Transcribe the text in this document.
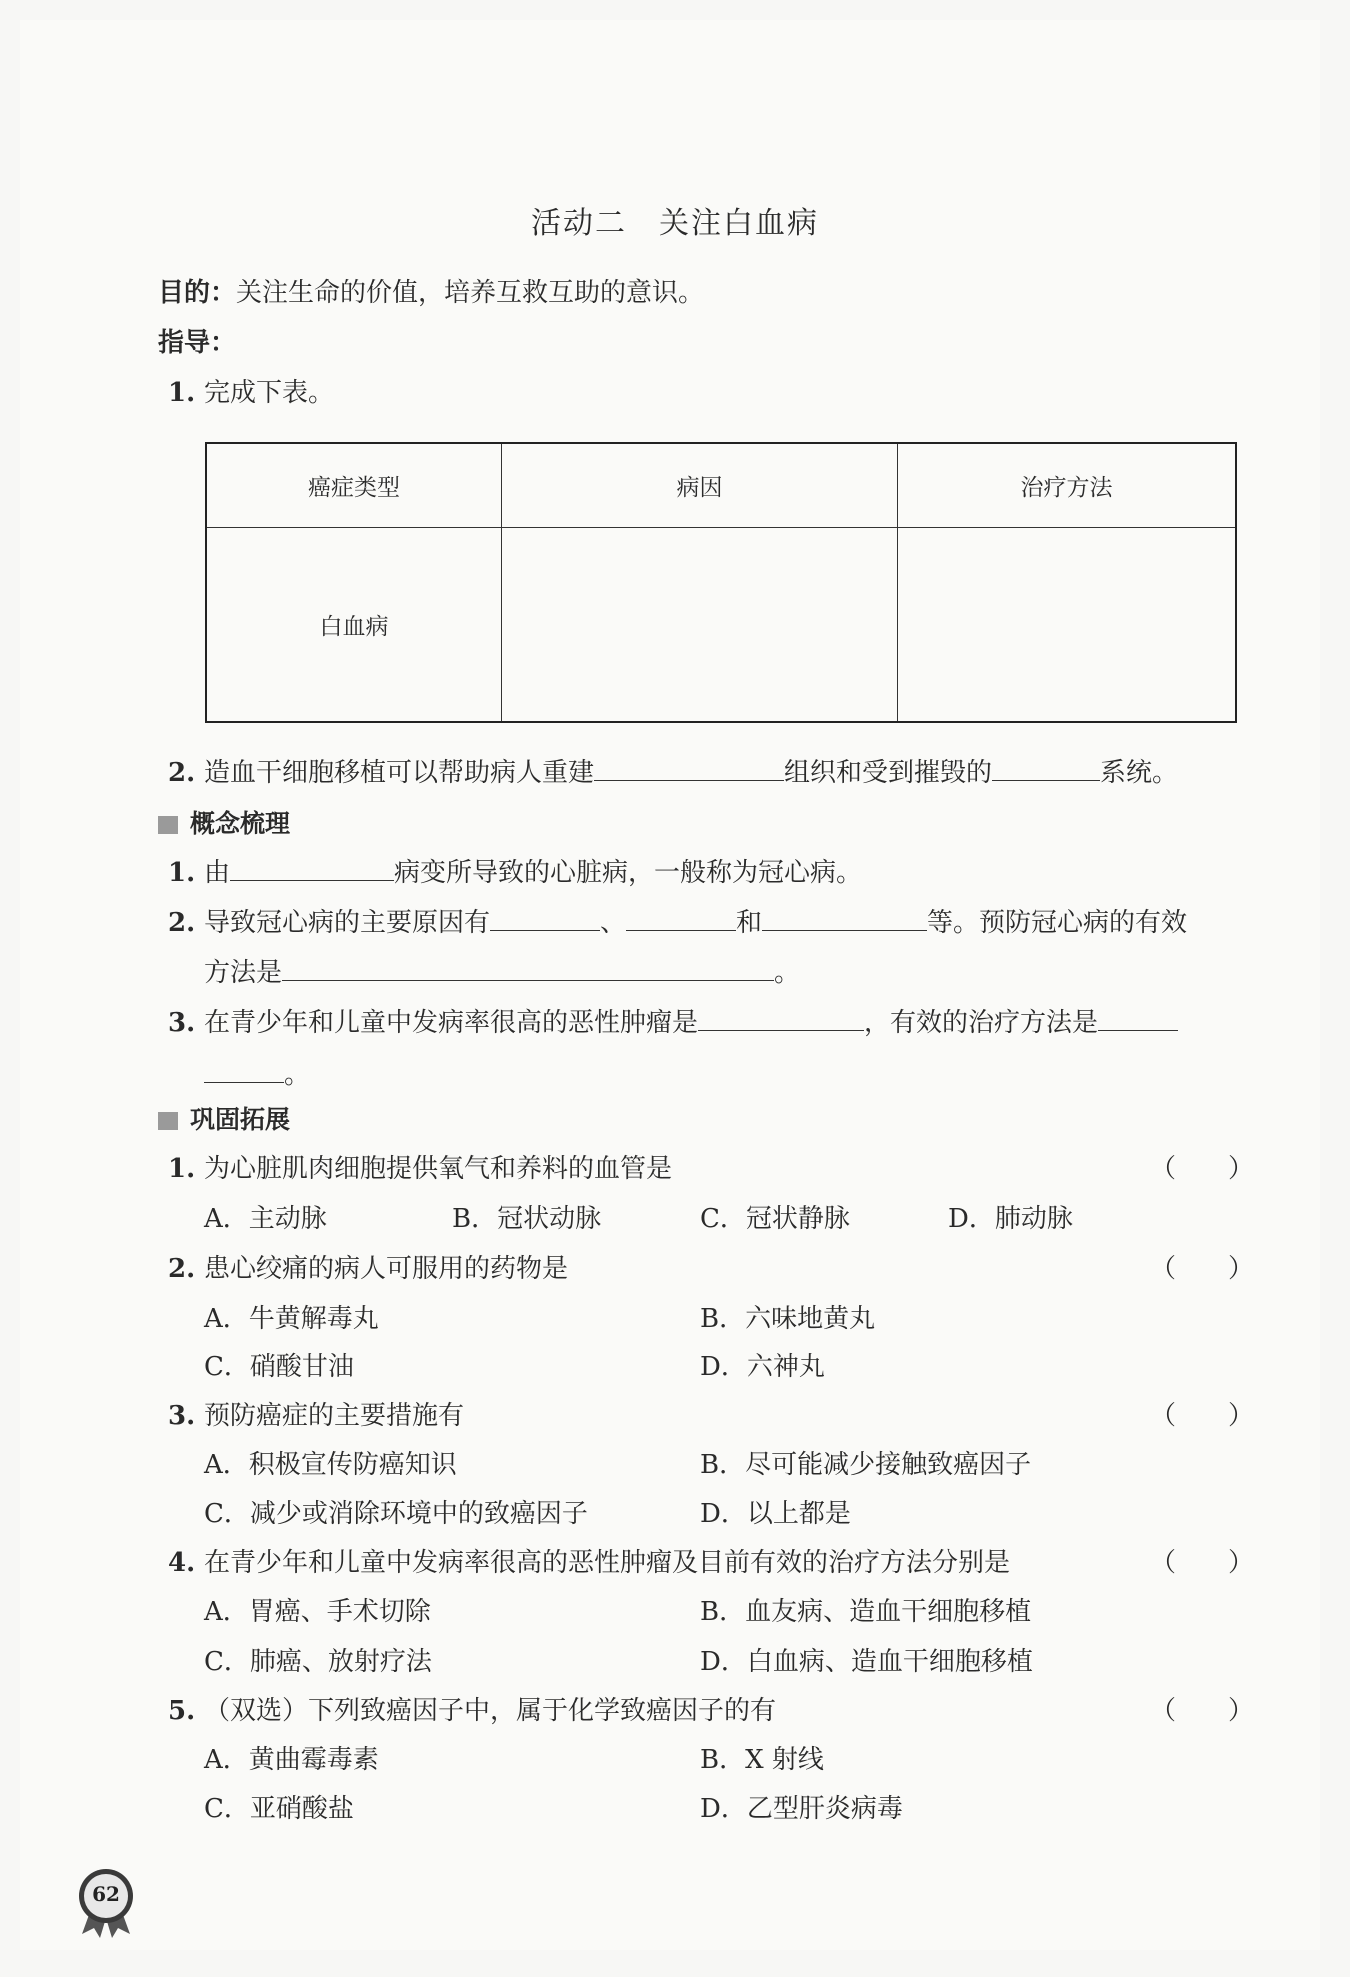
活动二　关注白血病
目的：关注生命的价值，培养互救互助的意识。
指导：
1. 完成下表。
癌症类型	病因	治疗方法
白血病		
2. 造血干细胞移植可以帮助病人重建	组织和受到摧毁的	系统。
概念梳理
1. 由	病变所导致的心脏病，一般称为冠心病。
2. 导致冠心病的主要原因有	、	和	等。预防冠心病的有效
方法是	。
3. 在青少年和儿童中发病率很高的恶性肿瘤是	，有效的治疗方法是
。
巩固拓展
1. 为心脏肌肉细胞提供氧气和养料的血管是	（　　）
A．主动脉	B．冠状动脉	C．冠状静脉	D．肺动脉
2. 患心绞痛的病人可服用的药物是	（　　）
A．牛黄解毒丸	B．六味地黄丸
C．硝酸甘油	D．六神丸
3. 预防癌症的主要措施有	（　　）
A．积极宣传防癌知识	B．尽可能减少接触致癌因子
C．减少或消除环境中的致癌因子	D．以上都是
4. 在青少年和儿童中发病率很高的恶性肿瘤及目前有效的治疗方法分别是	（　　）
A．胃癌、手术切除	B．血友病、造血干细胞移植
C．肺癌、放射疗法	D．白血病、造血干细胞移植
5. （双选）下列致癌因子中，属于化学致癌因子的有	（　　）
A．黄曲霉毒素	B．X 射线
C．亚硝酸盐	D．乙型肝炎病毒
62
